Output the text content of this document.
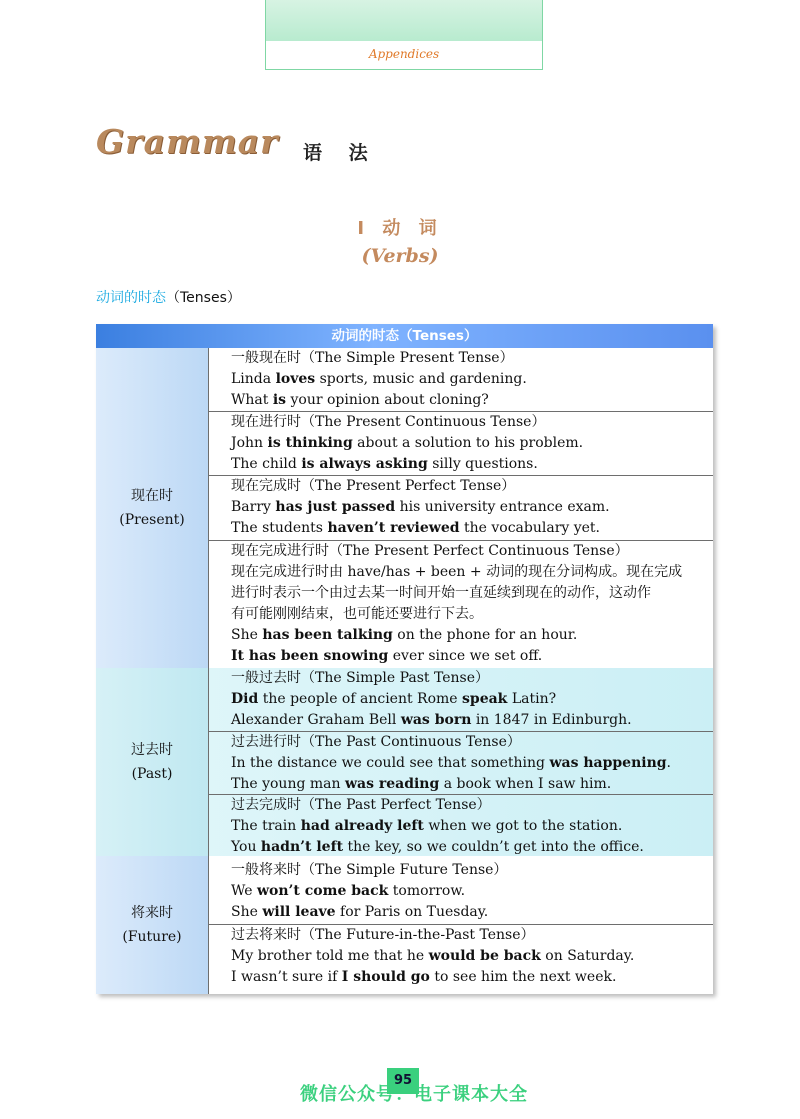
Appendices
Grammar 语 法
I 动 词
(Verbs)
动词的时态（Tenses）
动词的时态（Tenses）
现在时
(Present)
一般现在时（The Simple Present Tense）
Linda loves sports, music and gardening.
What is your opinion about cloning?
现在进行时（The Present Continuous Tense）
John is thinking about a solution to his problem.
The child is always asking silly questions.
现在完成时（The Present Perfect Tense）
Barry has just passed his university entrance exam.
The students haven’t reviewed the vocabulary yet.
现在完成进行时（The Present Perfect Continuous Tense）
现在完成进行时由 have/has + been + 动词的现在分词构成。现在完成
进行时表示一个由过去某一时间开始一直延续到现在的动作，这动作
有可能刚刚结束，也可能还要进行下去。
She has been talking on the phone for an hour.
It has been snowing ever since we set off.
过去时
(Past)
一般过去时（The Simple Past Tense）
Did the people of ancient Rome speak Latin?
Alexander Graham Bell was born in 1847 in Edinburgh.
过去进行时（The Past Continuous Tense）
In the distance we could see that something was happening.
The young man was reading a book when I saw him.
过去完成时（The Past Perfect Tense）
The train had already left when we got to the station.
You hadn’t left the key, so we couldn’t get into the office.
将来时
(Future)
一般将来时（The Simple Future Tense）
We won’t come back tomorrow.
She will leave for Paris on Tuesday.
过去将来时（The Future-in-the-Past Tense）
My brother told me that he would be back on Saturday.
I wasn’t sure if I should go to see him the next week.
95
微信公众号：电子课本大全
